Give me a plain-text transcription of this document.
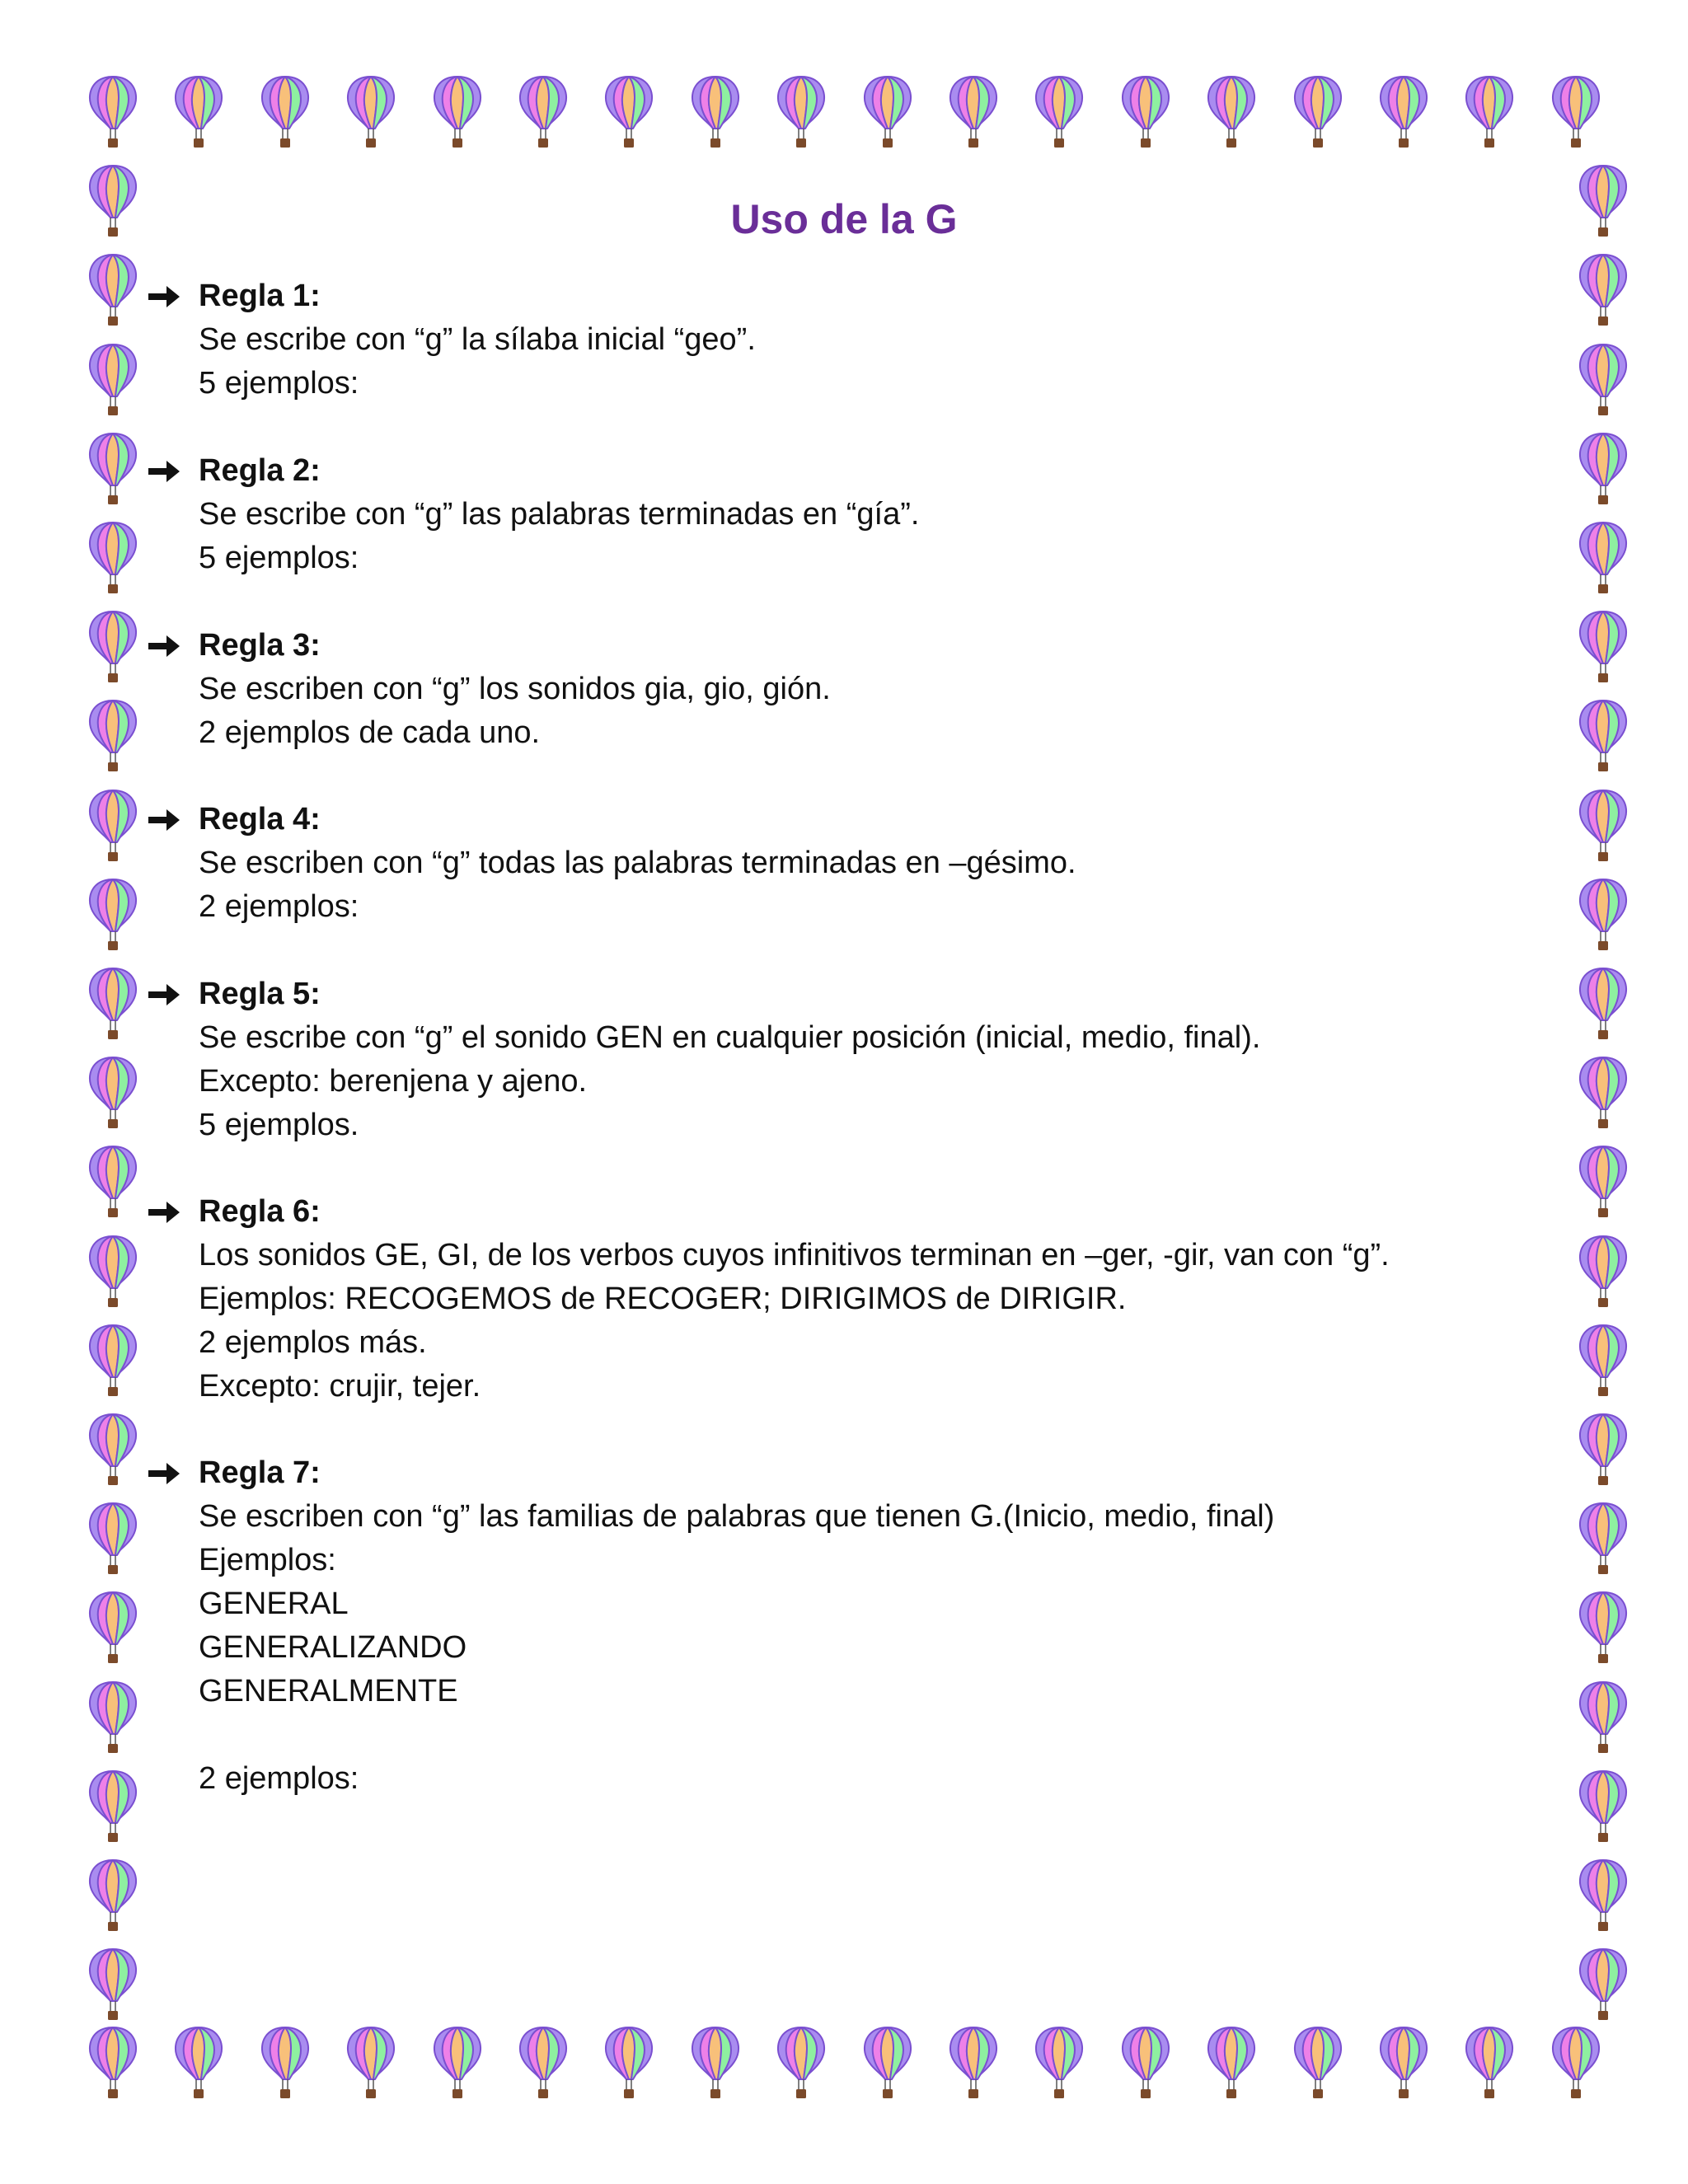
Uso de la G
Regla 1:
Se escribe con “g” la sílaba inicial “geo”.
5 ejemplos:
Regla 2:
Se escribe con “g” las palabras terminadas en “gía”.
5 ejemplos:
Regla 3:
Se escriben con “g” los sonidos gia, gio, gión.
2 ejemplos de cada uno.
Regla 4:
Se escriben con “g” todas las palabras terminadas en –gésimo.
2 ejemplos:
Regla 5:
Se escribe con “g” el sonido GEN en cualquier posición (inicial, medio, final).
Excepto: berenjena y ajeno.
5 ejemplos.
Regla 6:
Los sonidos GE, GI, de los verbos cuyos infinitivos terminan en –ger, -gir, van con “g”.
Ejemplos: RECOGEMOS de RECOGER; DIRIGIMOS de DIRIGIR.
2 ejemplos más.
Excepto: crujir, tejer.
Regla 7:
Se escriben con “g” las familias de palabras que tienen G.(Inicio, medio, final)
Ejemplos:
GENERAL
GENERALIZANDO
GENERALMENTE
2 ejemplos:
